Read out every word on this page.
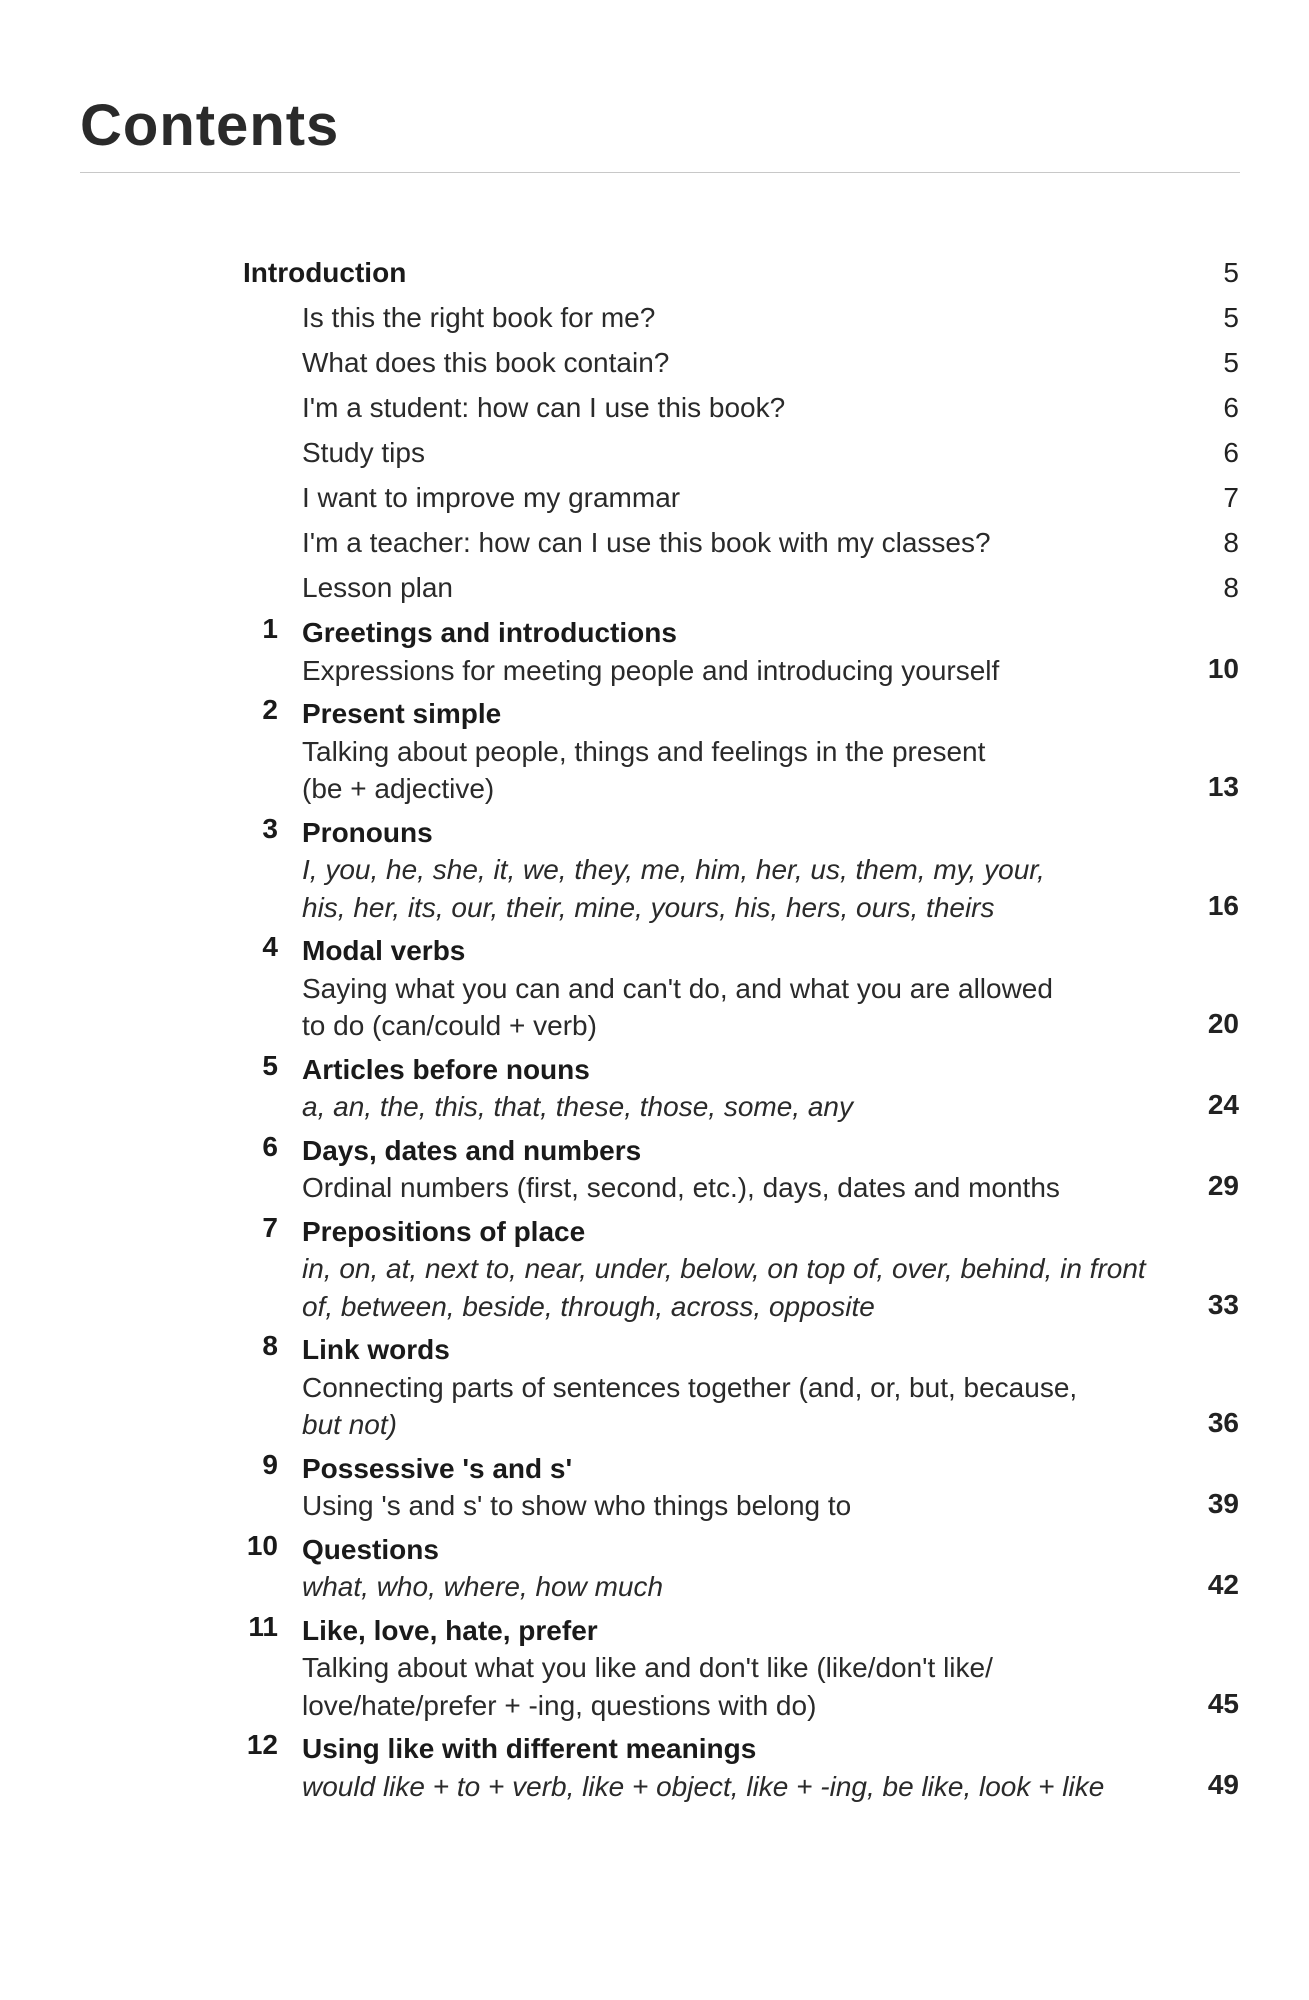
Contents
Introduction	5
Is this the right book for me?	5
What does this book contain?	5
I'm a student: how can I use this book?	6
Study tips	6
I want to improve my grammar	7
I'm a teacher: how can I use this book with my classes?	8
Lesson plan	8
1 Greetings and introductions
Expressions for meeting people and introducing yourself	10
2 Present simple
Talking about people, things and feelings in the present
(be + adjective)	13
3 Pronouns
I, you, he, she, it, we, they, me, him, her, us, them, my, your,
his, her, its, our, their, mine, yours, his, hers, ours, theirs	16
4 Modal verbs
Saying what you can and can't do, and what you are allowed
to do (can/could + verb)	20
5 Articles before nouns
a, an, the, this, that, these, those, some, any	24
6 Days, dates and numbers
Ordinal numbers (first, second, etc.), days, dates and months	29
7 Prepositions of place
in, on, at, next to, near, under, below, on top of, over, behind, in front
of, between, beside, through, across, opposite	33
8 Link words
Connecting parts of sentences together (and, or, but, because,
but not)	36
9 Possessive 's and s'
Using 's and s' to show who things belong to	39
10 Questions
what, who, where, how much	42
11 Like, love, hate, prefer
Talking about what you like and don't like (like/don't like/
love/hate/prefer + -ing, questions with do)	45
12 Using like with different meanings
would like + to + verb, like + object, like + -ing, be like, look + like	49
